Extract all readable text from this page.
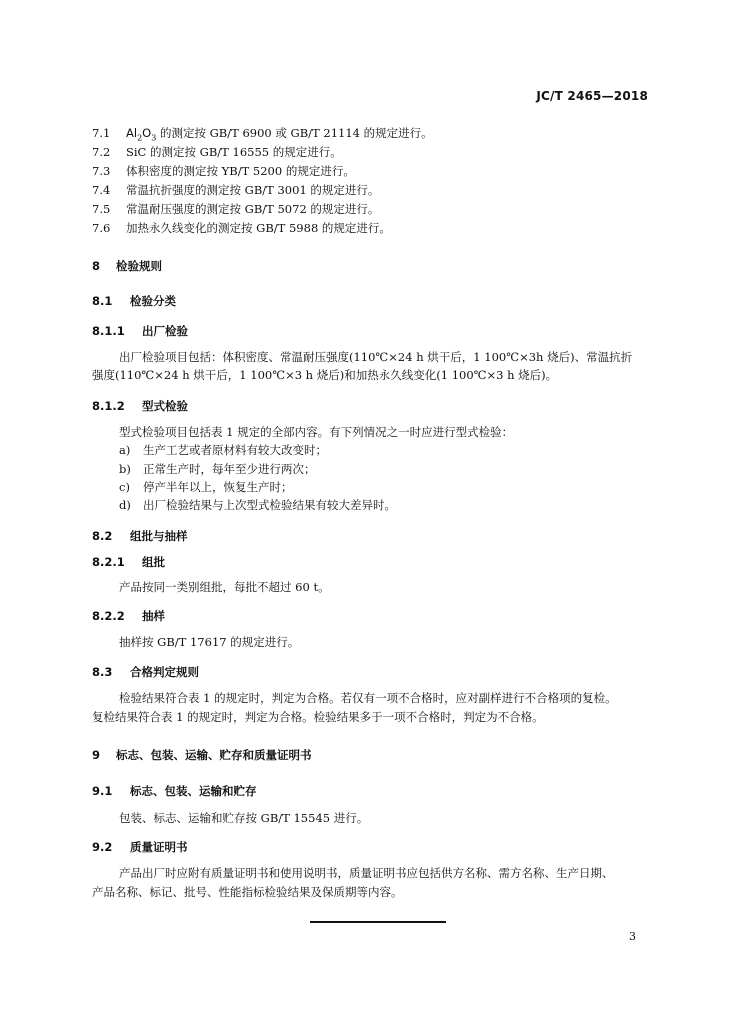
JC/T 2465—2018
7.1 $Al_2O_3$ 的测定按 GB/T 6900 或 GB/T 21114 的规定进行。
7.2 SiC 的测定按 GB/T 16555 的规定进行。
7.3 体积密度的测定按 YB/T 5200 的规定进行。
7.4 常温抗折强度的测定按 GB/T 3001 的规定进行。
7.5 常温耐压强度的测定按 GB/T 5072 的规定进行。
7.6 加热永久线变化的测定按 GB/T 5988 的规定进行。
8 检验规则
8.1 检验分类
8.1.1 出厂检验
出厂检验项目包括：体积密度、常温耐压强度(110℃×24 h 烘干后，1 100℃×3h 烧后)、常温抗折
强度(110℃×24 h 烘干后，1 100℃×3 h 烧后)和加热永久线变化(1 100℃×3 h 烧后)。
8.1.2 型式检验
型式检验项目包括表 1 规定的全部内容。有下列情况之一时应进行型式检验：
a) 生产工艺或者原材料有较大改变时；
b) 正常生产时，每年至少进行两次；
c) 停产半年以上，恢复生产时；
d) 出厂检验结果与上次型式检验结果有较大差异时。
8.2 组批与抽样
8.2.1 组批
产品按同一类别组批，每批不超过 60 t。
8.2.2 抽样
抽样按 GB/T 17617 的规定进行。
8.3 合格判定规则
检验结果符合表 1 的规定时，判定为合格。若仅有一项不合格时，应对副样进行不合格项的复检。
复检结果符合表 1 的规定时，判定为合格。检验结果多于一项不合格时，判定为不合格。
9 标志、包装、运输、贮存和质量证明书
9.1 标志、包装、运输和贮存
包装、标志、运输和贮存按 GB/T 15545 进行。
9.2 质量证明书
产品出厂时应附有质量证明书和使用说明书，质量证明书应包括供方名称、需方名称、生产日期、
产品名称、标记、批号、性能指标检验结果及保质期等内容。
3
